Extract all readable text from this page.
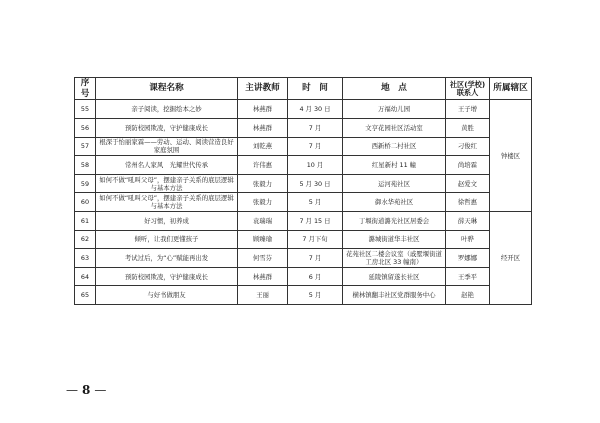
序号	课程名称	主讲教师	时　间	地　点	社区(学校)
联系人	所属辖区
55	亲子阅读，挖掘绘本之妙	林燕群	4 月 30 日	万福幼儿园	王子增	钟楼区
56	预防校园欺凌，守护健康成长	林燕群	7 月	文亨花园社区活动室	黄胜	
57	根深于怡丽家霖——劳动、运动、阅读营造良好家庭氛围	刘乾燕	7 月	西新桥二村社区	刁俊红	
58	常州名人家风　光耀世代传承	许伟惠	10 月	红星新村 11 幢	尚培霖	
59	如何不做“吼叫父母”，摆建亲子关系的底层逻辑与基本方法	张毅力	5 月 30 日	运河苑社区	赵爱文	
60	如何不做“吼叫父母”，摆建亲子关系的底层逻辑与基本方法	张毅力	5 月	御水华苑社区	徐哲惠	
61	好习惯，初养成	袁瑞瑞	7 月 15 日	丁堰街道潞光社区居委会	薛天琳	经开区
62	倾听，让我们更懂孩子	顾臻瑜	7 月下旬	潞城街道华丰社区	叶骅	
63	考试过后，为“心”赋能再出发	何雪芬	7 月	花苑社区二楼会议室（戚墅堰街道工房北区 33 幢南）	罗娜娜	
64	预防校园欺凌，守护健康成长	林燕群	6 月	延陵镇留遂长社区	王季平	
65	与好书做朋友	王丽	5 月	横林镇翻丰社区党群服务中心	赵艳	
— 8 —
